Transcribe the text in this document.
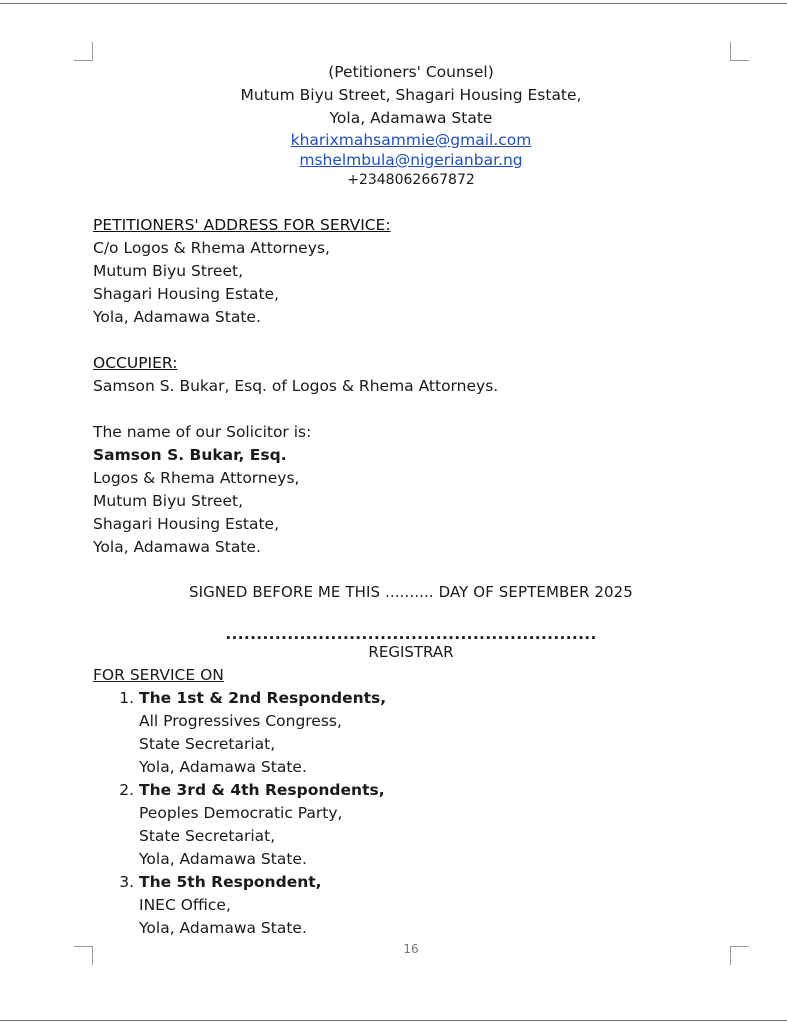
(Petitioners' Counsel)
Mutum Biyu Street, Shagari Housing Estate,
Yola, Adamawa State
kharixmahsammie@gmail.com
mshelmbula@nigerianbar.ng
+2348062667872
PETITIONERS' ADDRESS FOR SERVICE:
C/o Logos & Rhema Attorneys,
Mutum Biyu Street,
Shagari Housing Estate,
Yola, Adamawa State.
OCCUPIER:
Samson S. Bukar, Esq. of Logos & Rhema Attorneys.
The name of our Solicitor is:
Samson S. Bukar, Esq.
Logos & Rhema Attorneys,
Mutum Biyu Street,
Shagari Housing Estate,
Yola, Adamawa State.
SIGNED BEFORE ME THIS .......... DAY OF SEPTEMBER 2025
............................................................
REGISTRAR
FOR SERVICE ON
1. The 1st & 2nd Respondents,
All Progressives Congress,
State Secretariat,
Yola, Adamawa State.
2. The 3rd & 4th Respondents,
Peoples Democratic Party,
State Secretariat,
Yola, Adamawa State.
3. The 5th Respondent,
INEC Office,
Yola, Adamawa State.
16
